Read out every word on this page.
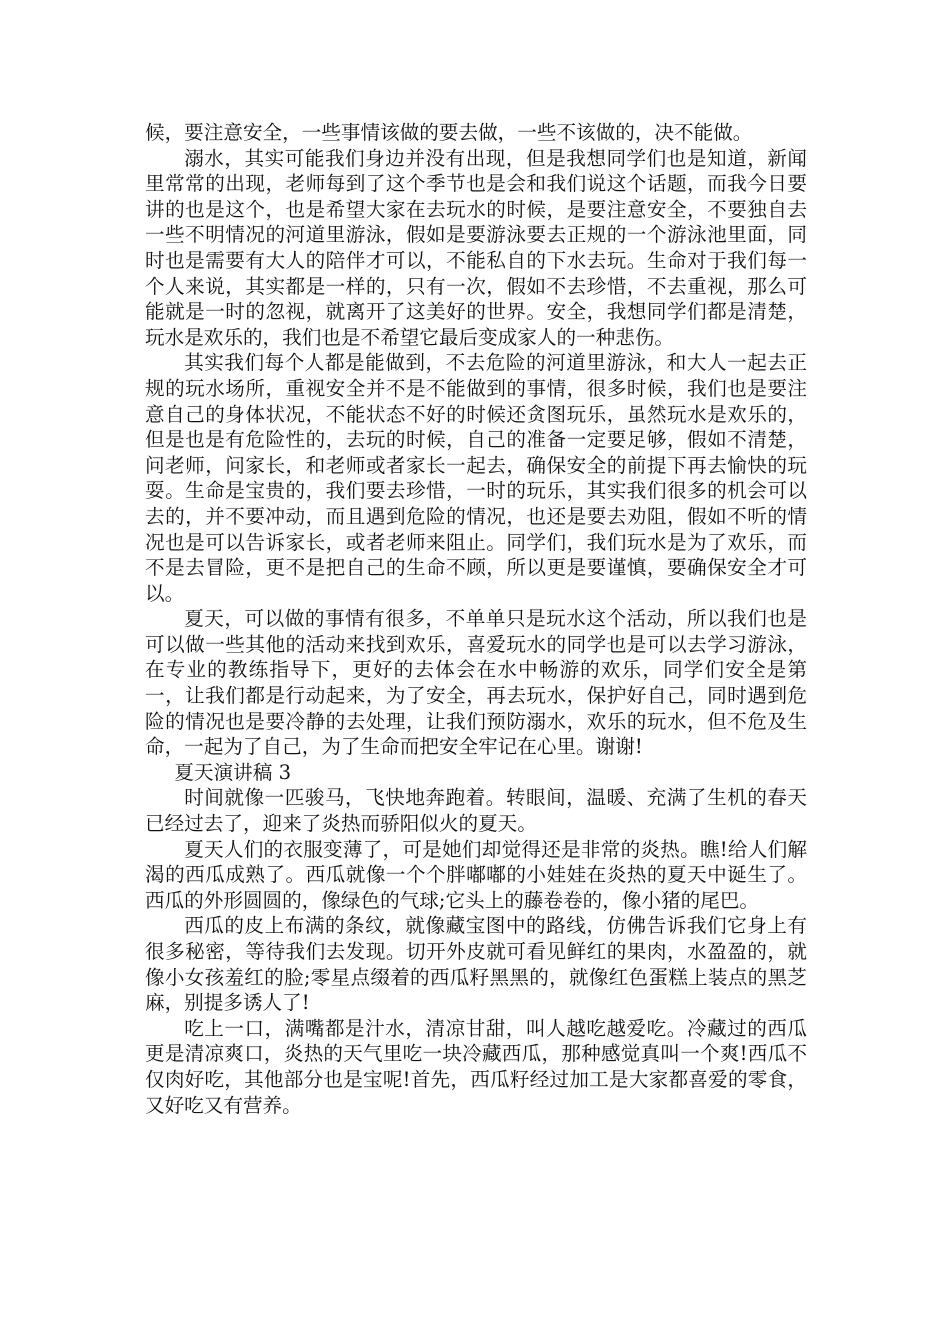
候，要注意安全，一些事情该做的要去做，一些不该做的，决不能做。

溺水，其实可能我们身边并没有出现，但是我想同学们也是知道，新闻里常常的出现，老师每到了这个季节也是会和我们说这个话题，而我今日要讲的也是这个，也是希望大家在去玩水的时候，是要注意安全，不要独自去一些不明情况的河道里游泳，假如是要游泳要去正规的一个游泳池里面，同时也是需要有大人的陪伴才可以，不能私自的下水去玩。生命对于我们每一个人来说，其实都是一样的，只有一次，假如不去珍惜，不去重视，那么可能就是一时的忽视，就离开了这美好的世界。安全，我想同学们都是清楚，玩水是欢乐的，我们也是不希望它最后变成家人的一种悲伤。

其实我们每个人都是能做到，不去危险的河道里游泳，和大人一起去正规的玩水场所，重视安全并不是不能做到的事情，很多时候，我们也是要注意自己的身体状况，不能状态不好的时候还贪图玩乐，虽然玩水是欢乐的，但是也是有危险性的，去玩的时候，自己的准备一定要足够，假如不清楚，问老师，问家长，和老师或者家长一起去，确保安全的前提下再去愉快的玩耍。生命是宝贵的，我们要去珍惜，一时的玩乐，其实我们很多的机会可以去的，并不要冲动，而且遇到危险的情况，也还是要去劝阻，假如不听的情况也是可以告诉家长，或者老师来阻止。同学们，我们玩水是为了欢乐，而不是去冒险，更不是把自己的生命不顾，所以更是要谨慎，要确保安全才可以。

夏天，可以做的事情有很多，不单单只是玩水这个活动，所以我们也是可以做一些其他的活动来找到欢乐，喜爱玩水的同学也是可以去学习游泳，在专业的教练指导下，更好的去体会在水中畅游的欢乐，同学们安全是第一，让我们都是行动起来，为了安全，再去玩水，保护好自己，同时遇到危险的情况也是要冷静的去处理，让我们预防溺水，欢乐的玩水，但不危及生命，一起为了自己，为了生命而把安全牢记在心里。谢谢!

夏天演讲稿 3

时间就像一匹骏马，飞快地奔跑着。转眼间，温暖、充满了生机的春天已经过去了，迎来了炎热而骄阳似火的夏天。

夏天人们的衣服变薄了，可是她们却觉得还是非常的炎热。瞧!给人们解渴的西瓜成熟了。西瓜就像一个个胖嘟嘟的小娃娃在炎热的夏天中诞生了。西瓜的外形圆圆的，像绿色的气球;它头上的藤卷卷的，像小猪的尾巴。

西瓜的皮上布满的条纹，就像藏宝图中的路线，仿佛告诉我们它身上有很多秘密，等待我们去发现。切开外皮就可看见鲜红的果肉，水盈盈的，就像小女孩羞红的脸;零星点缀着的西瓜籽黑黑的，就像红色蛋糕上装点的黑芝麻，别提多诱人了!

吃上一口，满嘴都是汁水，清凉甘甜，叫人越吃越爱吃。冷藏过的西瓜更是清凉爽口，炎热的天气里吃一块冷藏西瓜，那种感觉真叫一个爽!西瓜不仅肉好吃，其他部分也是宝呢!首先，西瓜籽经过加工是大家都喜爱的零食，又好吃又有营养。
